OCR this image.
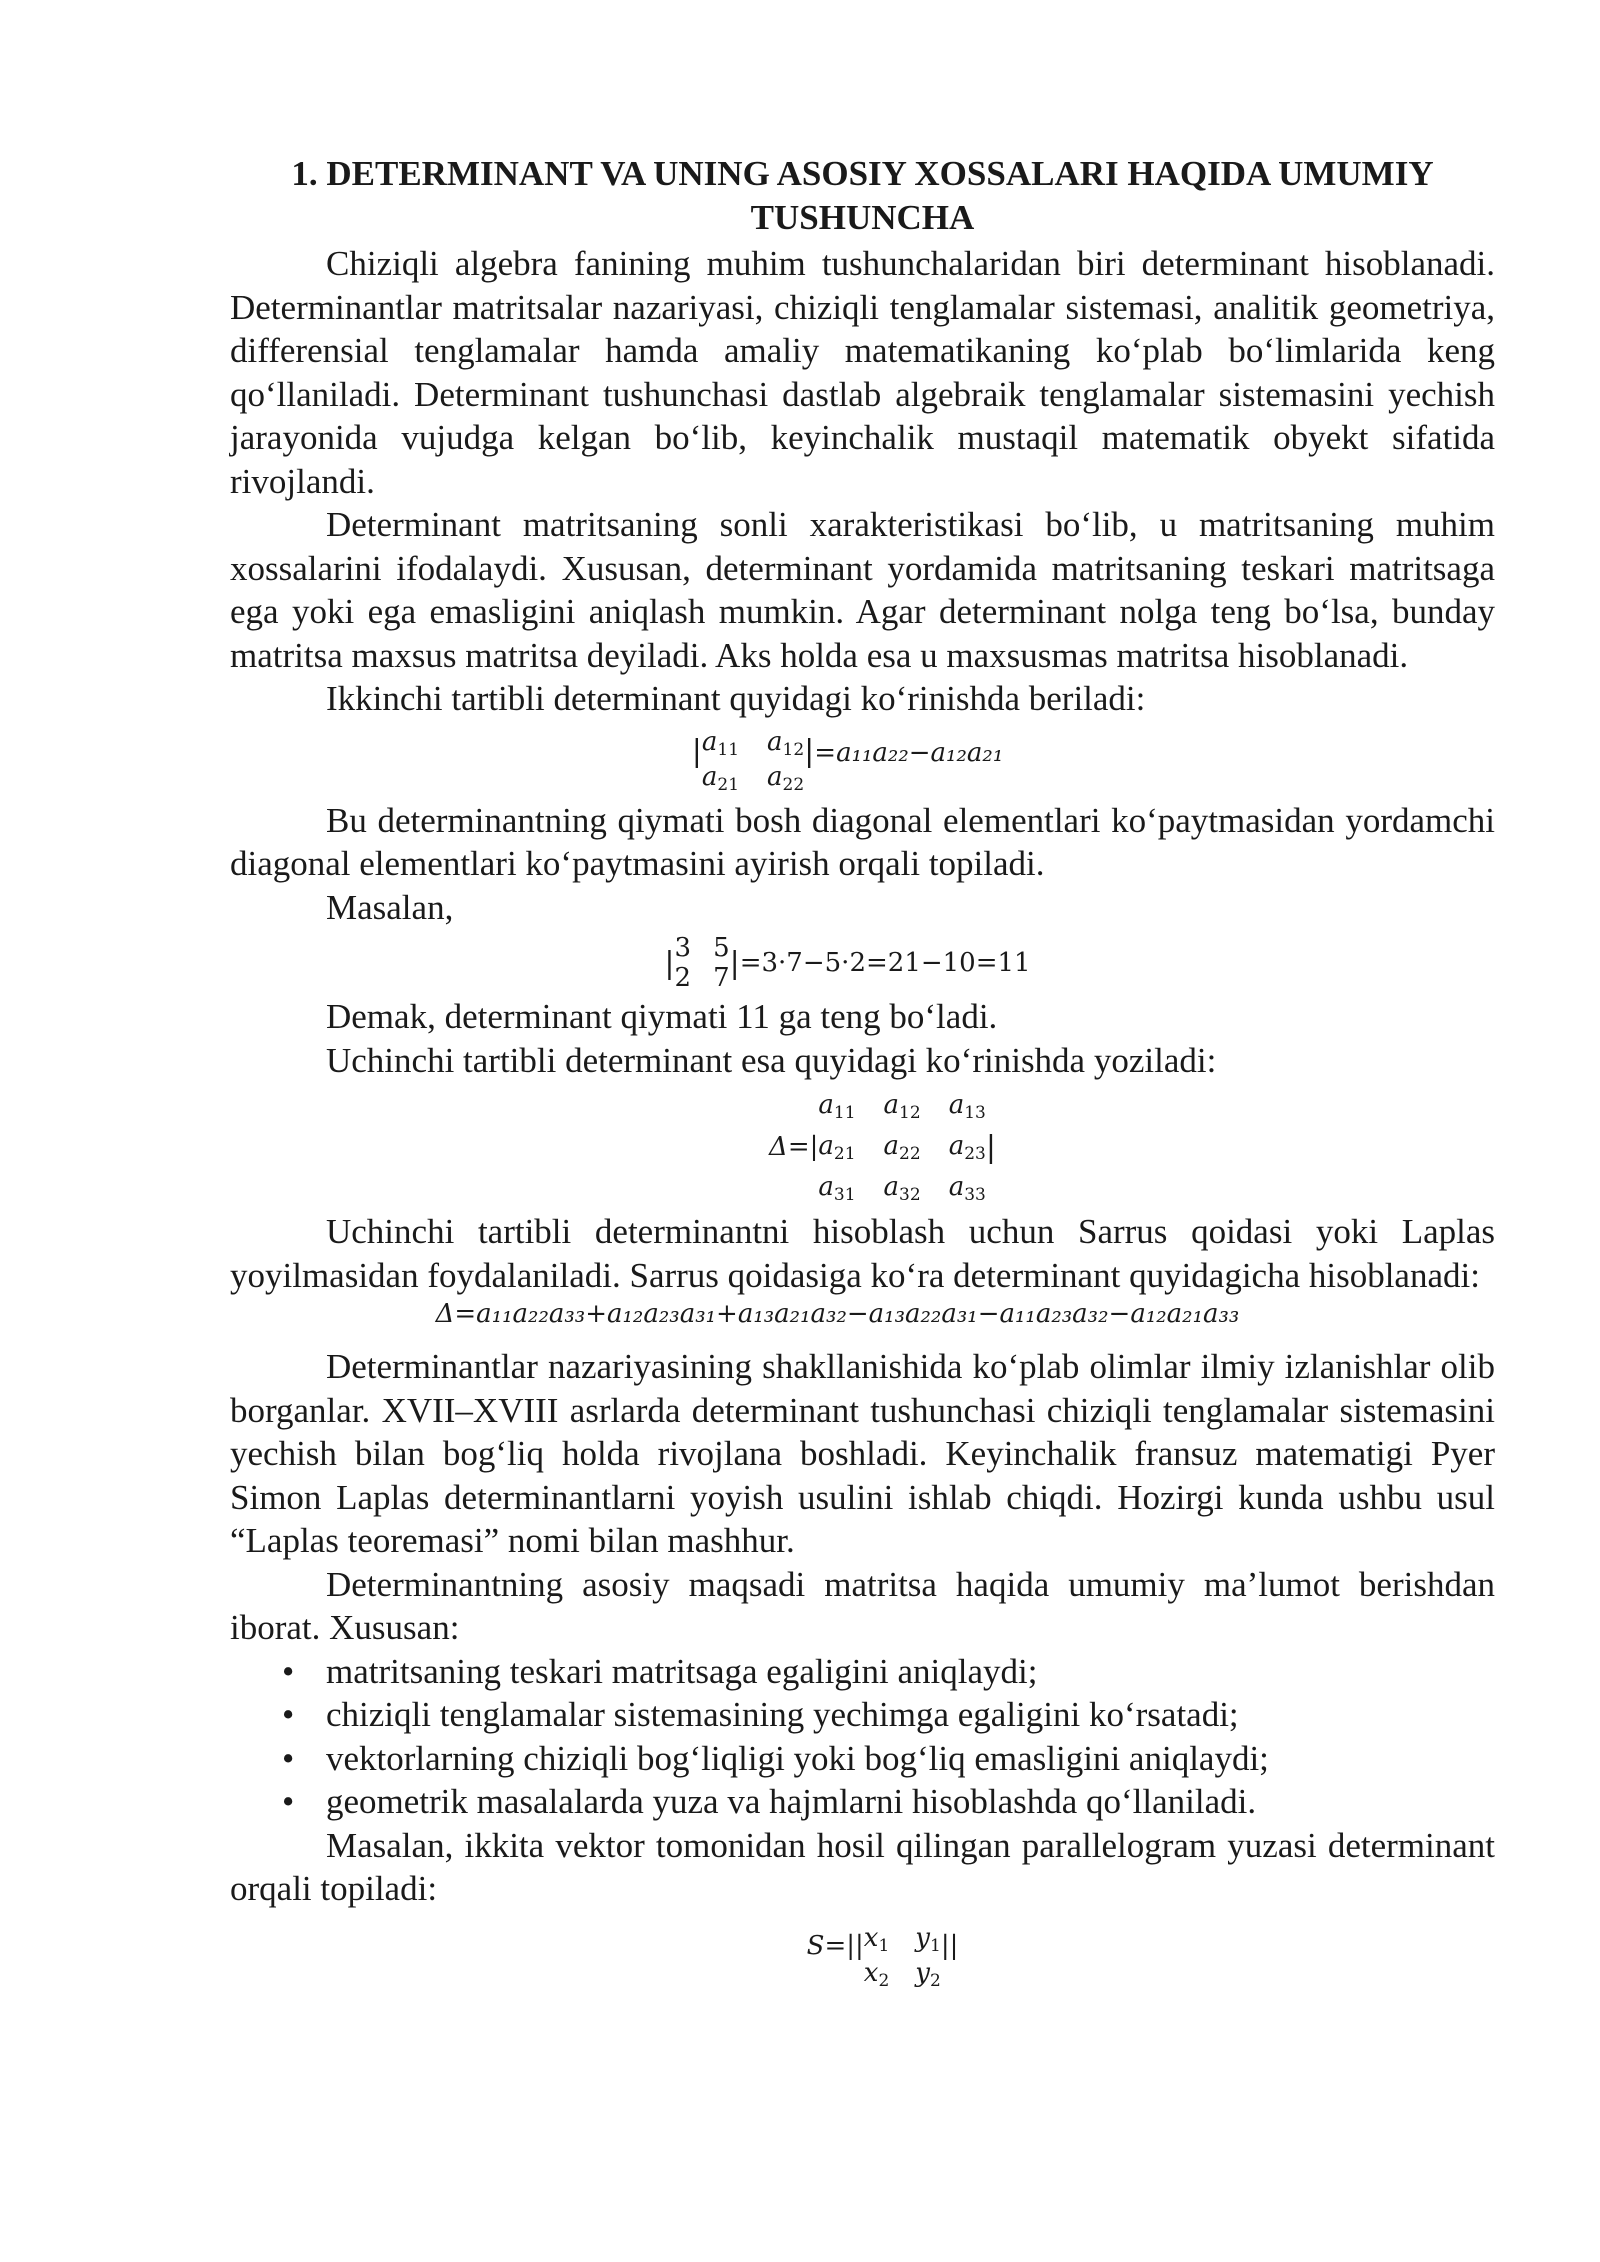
1. DETERMINANT VA UNING ASOSIY XOSSALARI HAQIDA UMUMIY
TUSHUNCHA

Chiziqli algebra fanining muhim tushunchalaridan biri determinant hisoblanadi. Determinantlar matritsalar nazariyasi, chiziqli tenglamalar sistemasi, analitik geometriya, differensial tenglamalar hamda amaliy matematikaning ko‘plab bo‘limlarida keng qo‘llaniladi. Determinant tushunchasi dastlab algebraik tenglamalar sistemasini yechish jarayonida vujudga kelgan bo‘lib, keyinchalik mustaqil matematik obyekt sifatida rivojlandi.

Determinant matritsaning sonli xarakteristikasi bo‘lib, u matritsaning muhim xossalarini ifodalaydi. Xususan, determinant yordamida matritsaning teskari matritsaga ega yoki ega emasligini aniqlash mumkin. Agar determinant nolga teng bo‘lsa, bunday matritsa maxsus matritsa deyiladi. Aks holda esa u maxsusmas matritsa hisoblanadi.

Ikkinchi tartibli determinant quyidagi ko‘rinishda beriladi:

| $a_{11}$ $a_{12}$
$a_{21}$ $a_{22}$
| =a₁₁a₂₂−a₁₂a₂₁

Bu determinantning qiymati bosh diagonal elementlari ko‘paytmasidan yordamchi diagonal elementlari ko‘paytmasini ayirish orqali topiladi.

Masalan,

| 3 5
2 7 | =3·7−5·2=21−10=11

Demak, determinant qiymati 11 ga teng bo‘ladi.

Uchinchi tartibli determinant esa quyidagi ko‘rinishda yoziladi:

Δ=|
$a_{11}$ $a_{12}$ $a_{13}$
$a_{21}$ $a_{22}$ $a_{23}$
$a_{31}$ $a_{32}$ $a_{33}$
|

Uchinchi tartibli determinantni hisoblash uchun Sarrus qoidasi yoki Laplas yoyilmasidan foydalaniladi. Sarrus qoidasiga ko‘ra determinant quyidagicha hisoblanadi:

Δ=a₁₁a₂₂a₃₃+a₁₂a₂₃a₃₁+a₁₃a₂₁a₃₂−a₁₃a₂₂a₃₁−a₁₁a₂₃a₃₂−a₁₂a₂₁a₃₃

Determinantlar nazariyasining shakllanishida ko‘plab olimlar ilmiy izlanishlar olib borganlar. XVII–XVIII asrlarda determinant tushunchasi chiziqli tenglamalar sistemasini yechish bilan bog‘liq holda rivojlana boshladi. Keyinchalik fransuz matematigi Pyer Simon Laplas determinantlarni yoyish usulini ishlab chiqdi. Hozirgi kunda ushbu usul “Laplas teoremasi” nomi bilan mashhur.

Determinantning asosiy maqsadi matritsa haqida umumiy ma’lumot berishdan iborat. Xususan:

• matritsaning teskari matritsaga egaligini aniqlaydi;
• chiziqli tenglamalar sistemasining yechimga egaligini ko‘rsatadi;
• vektorlarning chiziqli bog‘liqligi yoki bog‘liq emasligini aniqlaydi;
• geometrik masalalarda yuza va hajmlarni hisoblashda qo‘llaniladi.

Masalan, ikkita vektor tomonidan hosil qilingan parallelogram yuzasi determinant orqali topiladi:

S=|| $x_1$ $y_1$
$x_2$ $y_2$
||
